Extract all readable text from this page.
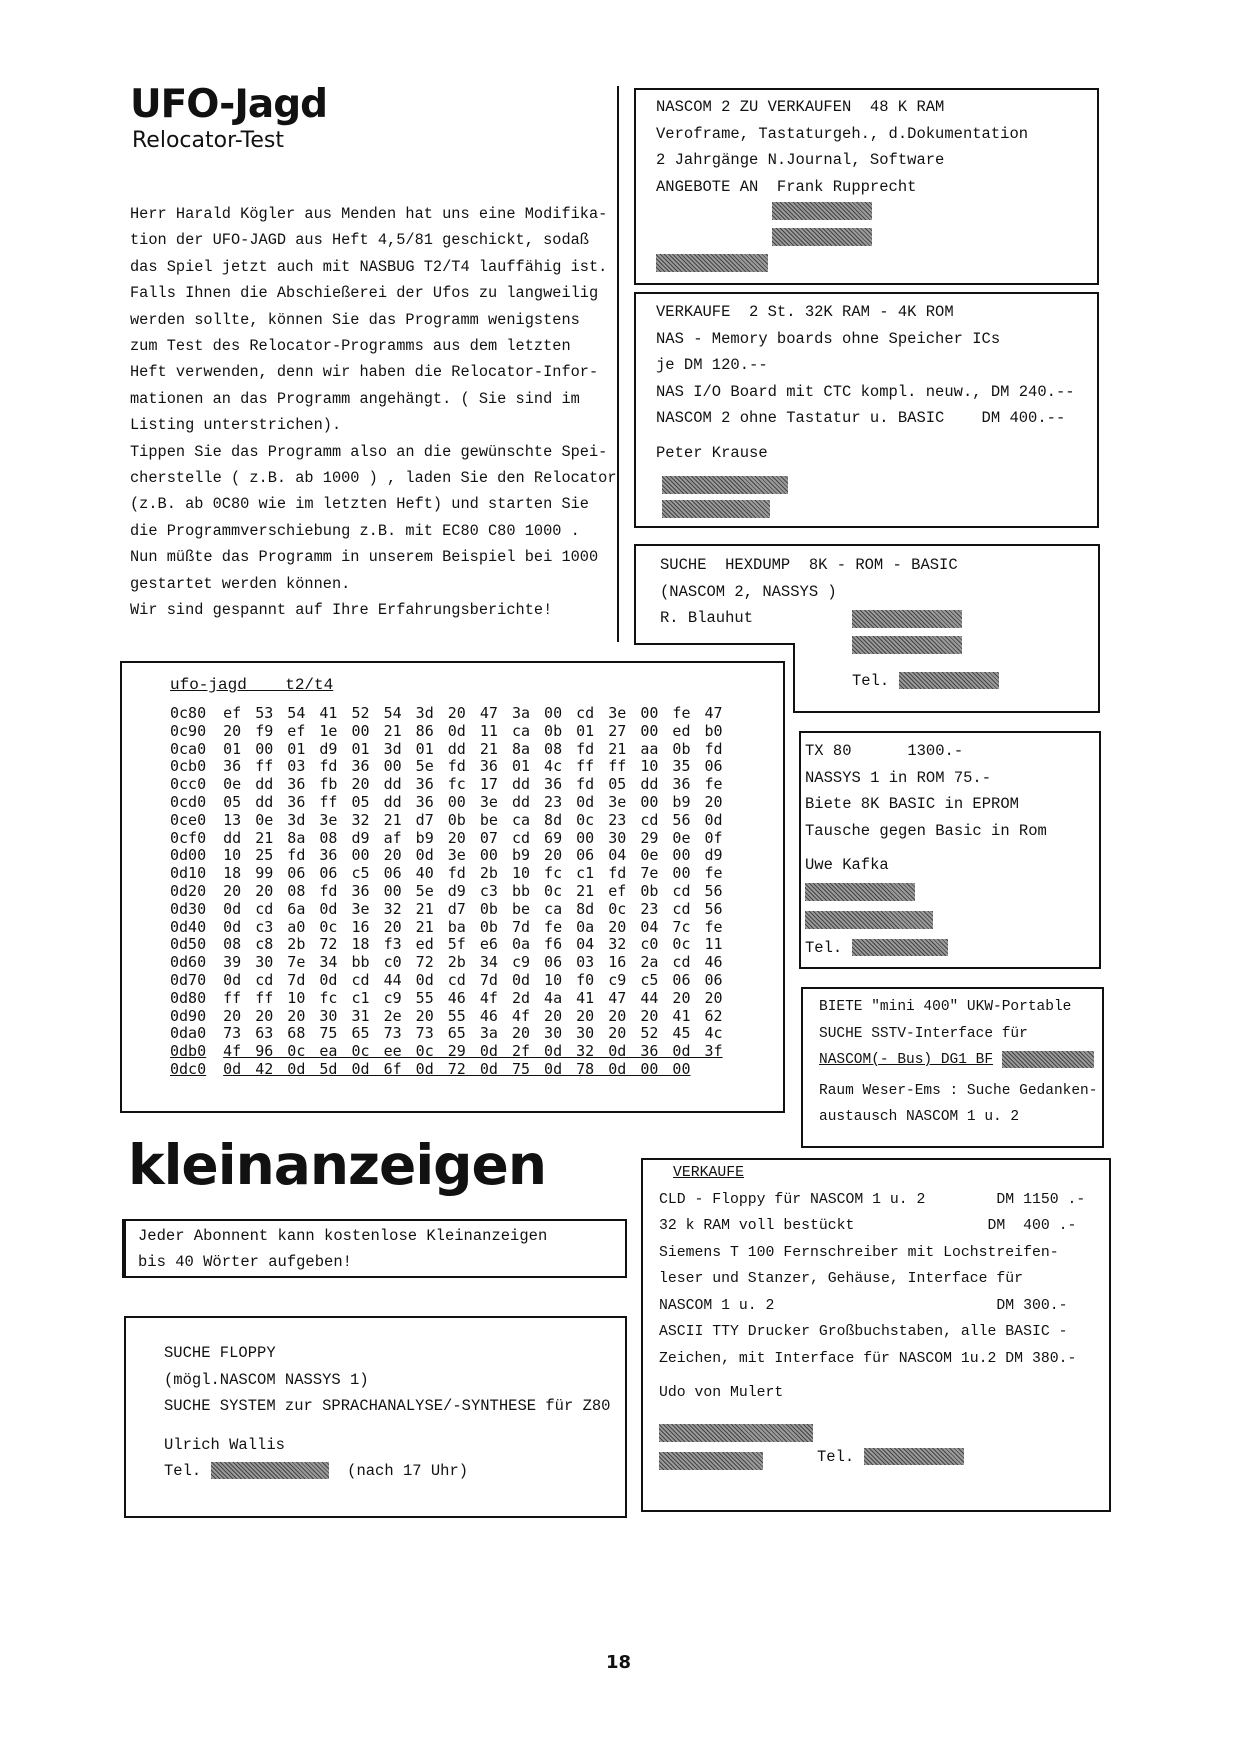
UFO-Jagd
Relocator-Test
Herr Harald Kögler aus Menden hat uns eine Modifika-
tion der UFO-JAGD aus Heft 4,5/81 geschickt, sodaß
das Spiel jetzt auch mit NASBUG T2/T4 lauffähig ist.
Falls Ihnen die Abschießerei der Ufos zu langweilig
werden sollte, können Sie das Programm wenigstens
zum Test des Relocator-Programms aus dem letzten
Heft verwenden, denn wir haben die Relocator-Infor-
mationen an das Programm angehängt. ( Sie sind im
Listing unterstrichen).
Tippen Sie das Programm also an die gewünschte Spei-
cherstelle ( z.B. ab 1000 ) , laden Sie den Relocator
(z.B. ab 0C80 wie im letzten Heft) und starten Sie
die Programmverschiebung z.B. mit EC80 C80 1000 .
Nun müßte das Programm in unserem Beispiel bei 1000
gestartet werden können.
Wir sind gespannt auf Ihre Erfahrungsberichte!
ufo-jagd    t2/t4
0c80 ef 53 54 41 52 54 3d 20 47 3a 00 cd 3e 00 fe 47
0c90 20 f9 ef 1e 00 21 86 0d 11 ca 0b 01 27 00 ed b0
0ca0 01 00 01 d9 01 3d 01 dd 21 8a 08 fd 21 aa 0b fd
0cb0 36 ff 03 fd 36 00 5e fd 36 01 4c ff ff 10 35 06
0cc0 0e dd 36 fb 20 dd 36 fc 17 dd 36 fd 05 dd 36 fe
0cd0 05 dd 36 ff 05 dd 36 00 3e dd 23 0d 3e 00 b9 20
0ce0 13 0e 3d 3e 32 21 d7 0b be ca 8d 0c 23 cd 56 0d
0cf0 dd 21 8a 08 d9 af b9 20 07 cd 69 00 30 29 0e 0f
0d00 10 25 fd 36 00 20 0d 3e 00 b9 20 06 04 0e 00 d9
0d10 18 99 06 06 c5 06 40 fd 2b 10 fc c1 fd 7e 00 fe
0d20 20 20 08 fd 36 00 5e d9 c3 bb 0c 21 ef 0b cd 56
0d30 0d cd 6a 0d 3e 32 21 d7 0b be ca 8d 0c 23 cd 56
0d40 0d c3 a0 0c 16 20 21 ba 0b 7d fe 0a 20 04 7c fe
0d50 08 c8 2b 72 18 f3 ed 5f e6 0a f6 04 32 c0 0c 11
0d60 39 30 7e 34 bb c0 72 2b 34 c9 06 03 16 2a cd 46
0d70 0d cd 7d 0d cd 44 0d cd 7d 0d 10 f0 c9 c5 06 06
0d80 ff ff 10 fc c1 c9 55 46 4f 2d 4a 41 47 44 20 20
0d90 20 20 20 30 31 2e 20 55 46 4f 20 20 20 20 41 62
0da0 73 63 68 75 65 73 73 65 3a 20 30 30 20 52 45 4c
0db0 4f 96 0c ea 0c ee 0c 29 0d 2f 0d 32 0d 36 0d 3f
0dc0 0d 42 0d 5d 0d 6f 0d 72 0d 75 0d 78 0d 00 00
NASCOM 2 ZU VERKAUFEN  48 K RAM
Veroframe, Tastaturgeh., d.Dokumentation
2 Jahrgänge N.Journal, Software
ANGEBOTE AN  Frank Rupprecht
VERKAUFE  2 St. 32K RAM - 4K ROM
NAS - Memory boards ohne Speicher ICs
je DM 120.--
NAS I/O Board mit CTC kompl. neuw., DM 240.--
NASCOM 2 ohne Tastatur u. BASIC    DM 400.--
Peter Krause
SUCHE  HEXDUMP  8K - ROM - BASIC
(NASCOM 2, NASSYS )
R. Blauhut
Tel.
TX 80      1300.-
NASSYS 1 in ROM 75.-
Biete 8K BASIC in EPROM
Tausche gegen Basic in Rom
Uwe Kafka
Tel.
BIETE "mini 400" UKW-Portable
SUCHE SSTV-Interface für
NASCOM(- Bus) DG1 BF
Raum Weser-Ems : Suche Gedanken-
austausch NASCOM 1 u. 2
kleinanzeigen
Jeder Abonnent kann kostenlose Kleinanzeigen
bis 40 Wörter aufgeben!
SUCHE FLOPPY
(mögl.NASCOM NASSYS 1)
SUCHE SYSTEM zur SPRACHANALYSE/-SYNTHESE für Z80
Ulrich Wallis
Tel.	(nach 17 Uhr)
VERKAUFE
CLD - Floppy für NASCOM 1 u. 2        DM 1150 .-
32 k RAM voll bestückt               DM  400 .-
Siemens T 100 Fernschreiber mit Lochstreifen-
leser und Stanzer, Gehäuse, Interface für
NASCOM 1 u. 2                         DM 300.-
ASCII TTY Drucker Großbuchstaben, alle BASIC -
Zeichen, mit Interface für NASCOM 1u.2 DM 380.-
Udo von Mulert
Tel.
18
